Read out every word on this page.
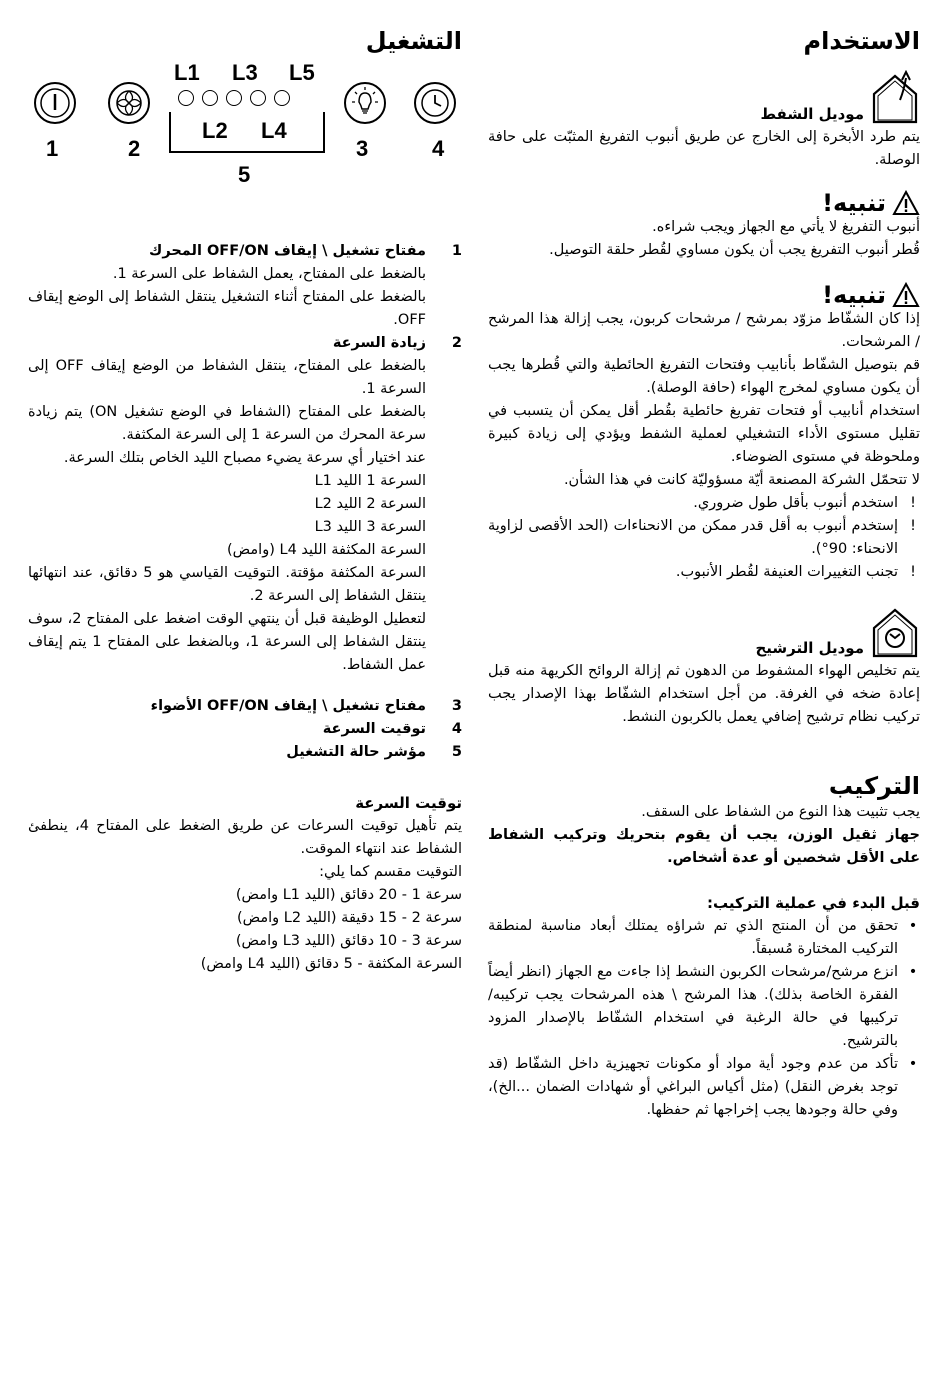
الاستخدام
موديل الشفط

يتم طرد الأبخرة إلى الخارج عن طريق أنبوب التفريغ المثبّت على حافة الوصلة.

تنبيه!

أنبوب التفريغ لا يأتي مع الجهاز ويجب شراءه.

قُطر أنبوب التفريغ يجب أن يكون مساوي لقُطر حلقة التوصيل.

تنبيه!

إذا كان الشفّاط مزوّد بمرشح / مرشحات كربون، يجب إزالة هذا المرشح / المرشحات.

قم بتوصيل الشفّاط بأنابيب وفتحات التفريغ الحائطية والتي قُطرها يجب أن يكون مساوي لمخرج الهواء (حافة الوصلة).

استخدام أنابيب أو فتحات تفريغ حائطية بقُطر أقل يمكن أن يتسبب في تقليل مستوى الأداء التشغيلي لعملية الشفط ويؤدي إلى زيادة كبيرة وملحوظة في مستوى الضوضاء.

لا تتحمّل الشركة المصنعة أيّة مسؤوليّة كانت في هذا الشأن.

!
استخدم أنبوب بأقل طول ضروري.
!
إستخدم أنبوب به أقل قدر ممكن من الانحناءات (الحد الأقصى لزاوية الانحناء: 90°).
!
تجنب التغييرات العنيفة لقُطر الأنبوب.
موديل الترشيح

يتم تخليص الهواء المشفوط من الدهون ثم إزالة الروائح الكريهة منه قبل إعادة ضخه في الغرفة. من أجل استخدام الشفّاط بهذا الإصدار يجب تركيب نظام ترشيح إضافي يعمل بالكربون النشط.

التركيب

يجب تثبيت هذا النوع من الشفاط على السقف.

جهاز ثقيل الوزن، يجب أن يقوم بتحريك وتركيب الشفاط على الأقل شخصين أو عدة أشخاص.

قبل البدء في عملية التركيب:

•
تحقق من أن المنتج الذي تم شراؤه يمتلك أبعاد مناسبة لمنطقة التركيب المختارة مُسبقاً.
•
انزع مرشح/مرشحات الكربون النشط إذا جاءت مع الجهاز (انظر أيضاً الفقرة الخاصة بذلك). هذا المرشح \ هذه المرشحات يجب تركيبه/تركيبها في حالة الرغبة في استخدام الشفّاط بالإصدار المزود بالترشيح.
•
تأكد من عدم وجود أية مواد أو مكونات تجهيزية داخل الشفّاط (قد توجد بغرض النقل) (مثل أكياس البراغي أو شهادات الضمان ...الخ)، وفي حالة وجودها يجب إخراجها ثم حفظها.
التشغيل
L1 L3 L5
L2 L4
1	2	3	4
5
1
مفتاح تشغيل \ إيقاف OFF/ON المحرك

بالضغط على المفتاح، يعمل الشفاط على السرعة 1.

بالضغط على المفتاح أثناء التشغيل ينتقل الشفاط إلى الوضع إيقاف OFF.

2
زيادة السرعة

بالضغط على المفتاح، ينتقل الشفاط من الوضع إيقاف OFF إلى السرعة 1.

بالضغط على المفتاح (الشفاط في الوضع تشغيل ON) يتم زيادة سرعة المحرك من السرعة 1 إلى السرعة المكثفة.

عند اختيار أي سرعة يضيء مصباح الليد الخاص بتلك السرعة.

السرعة 1 الليد L1

السرعة 2 الليد L2

السرعة 3 الليد L3

السرعة المكثفة الليد L4 (وامض)

السرعة المكثفة مؤقتة. التوقيت القياسي هو 5 دقائق، عند انتهائها ينتقل الشفاط إلى السرعة 2.

لتعطيل الوظيفة قبل أن ينتهي الوقت اضغط على المفتاح 2، سوف ينتقل الشفاط إلى السرعة 1، وبالضغط على المفتاح 1 يتم إيقاف عمل الشفاط.

3
مفتاح تشغيل \ إيقاف OFF/ON الأضواء
4
توقيت السرعة
5
مؤشر حالة التشغيل

توقيت السرعة

يتم تأهيل توقيت السرعات عن طريق الضغط على المفتاح 4، ينطفئ الشفاط عند انتهاء الموقت.

التوقيت مقسم كما يلي:

سرعة 1 - 20 دقائق (الليد L1 وامض)

سرعة 2 - 15 دقيقة (الليد L2 وامض)

سرعة 3 - 10 دقائق (الليد L3 وامض)

السرعة المكثفة - 5 دقائق (الليد L4 وامض)
